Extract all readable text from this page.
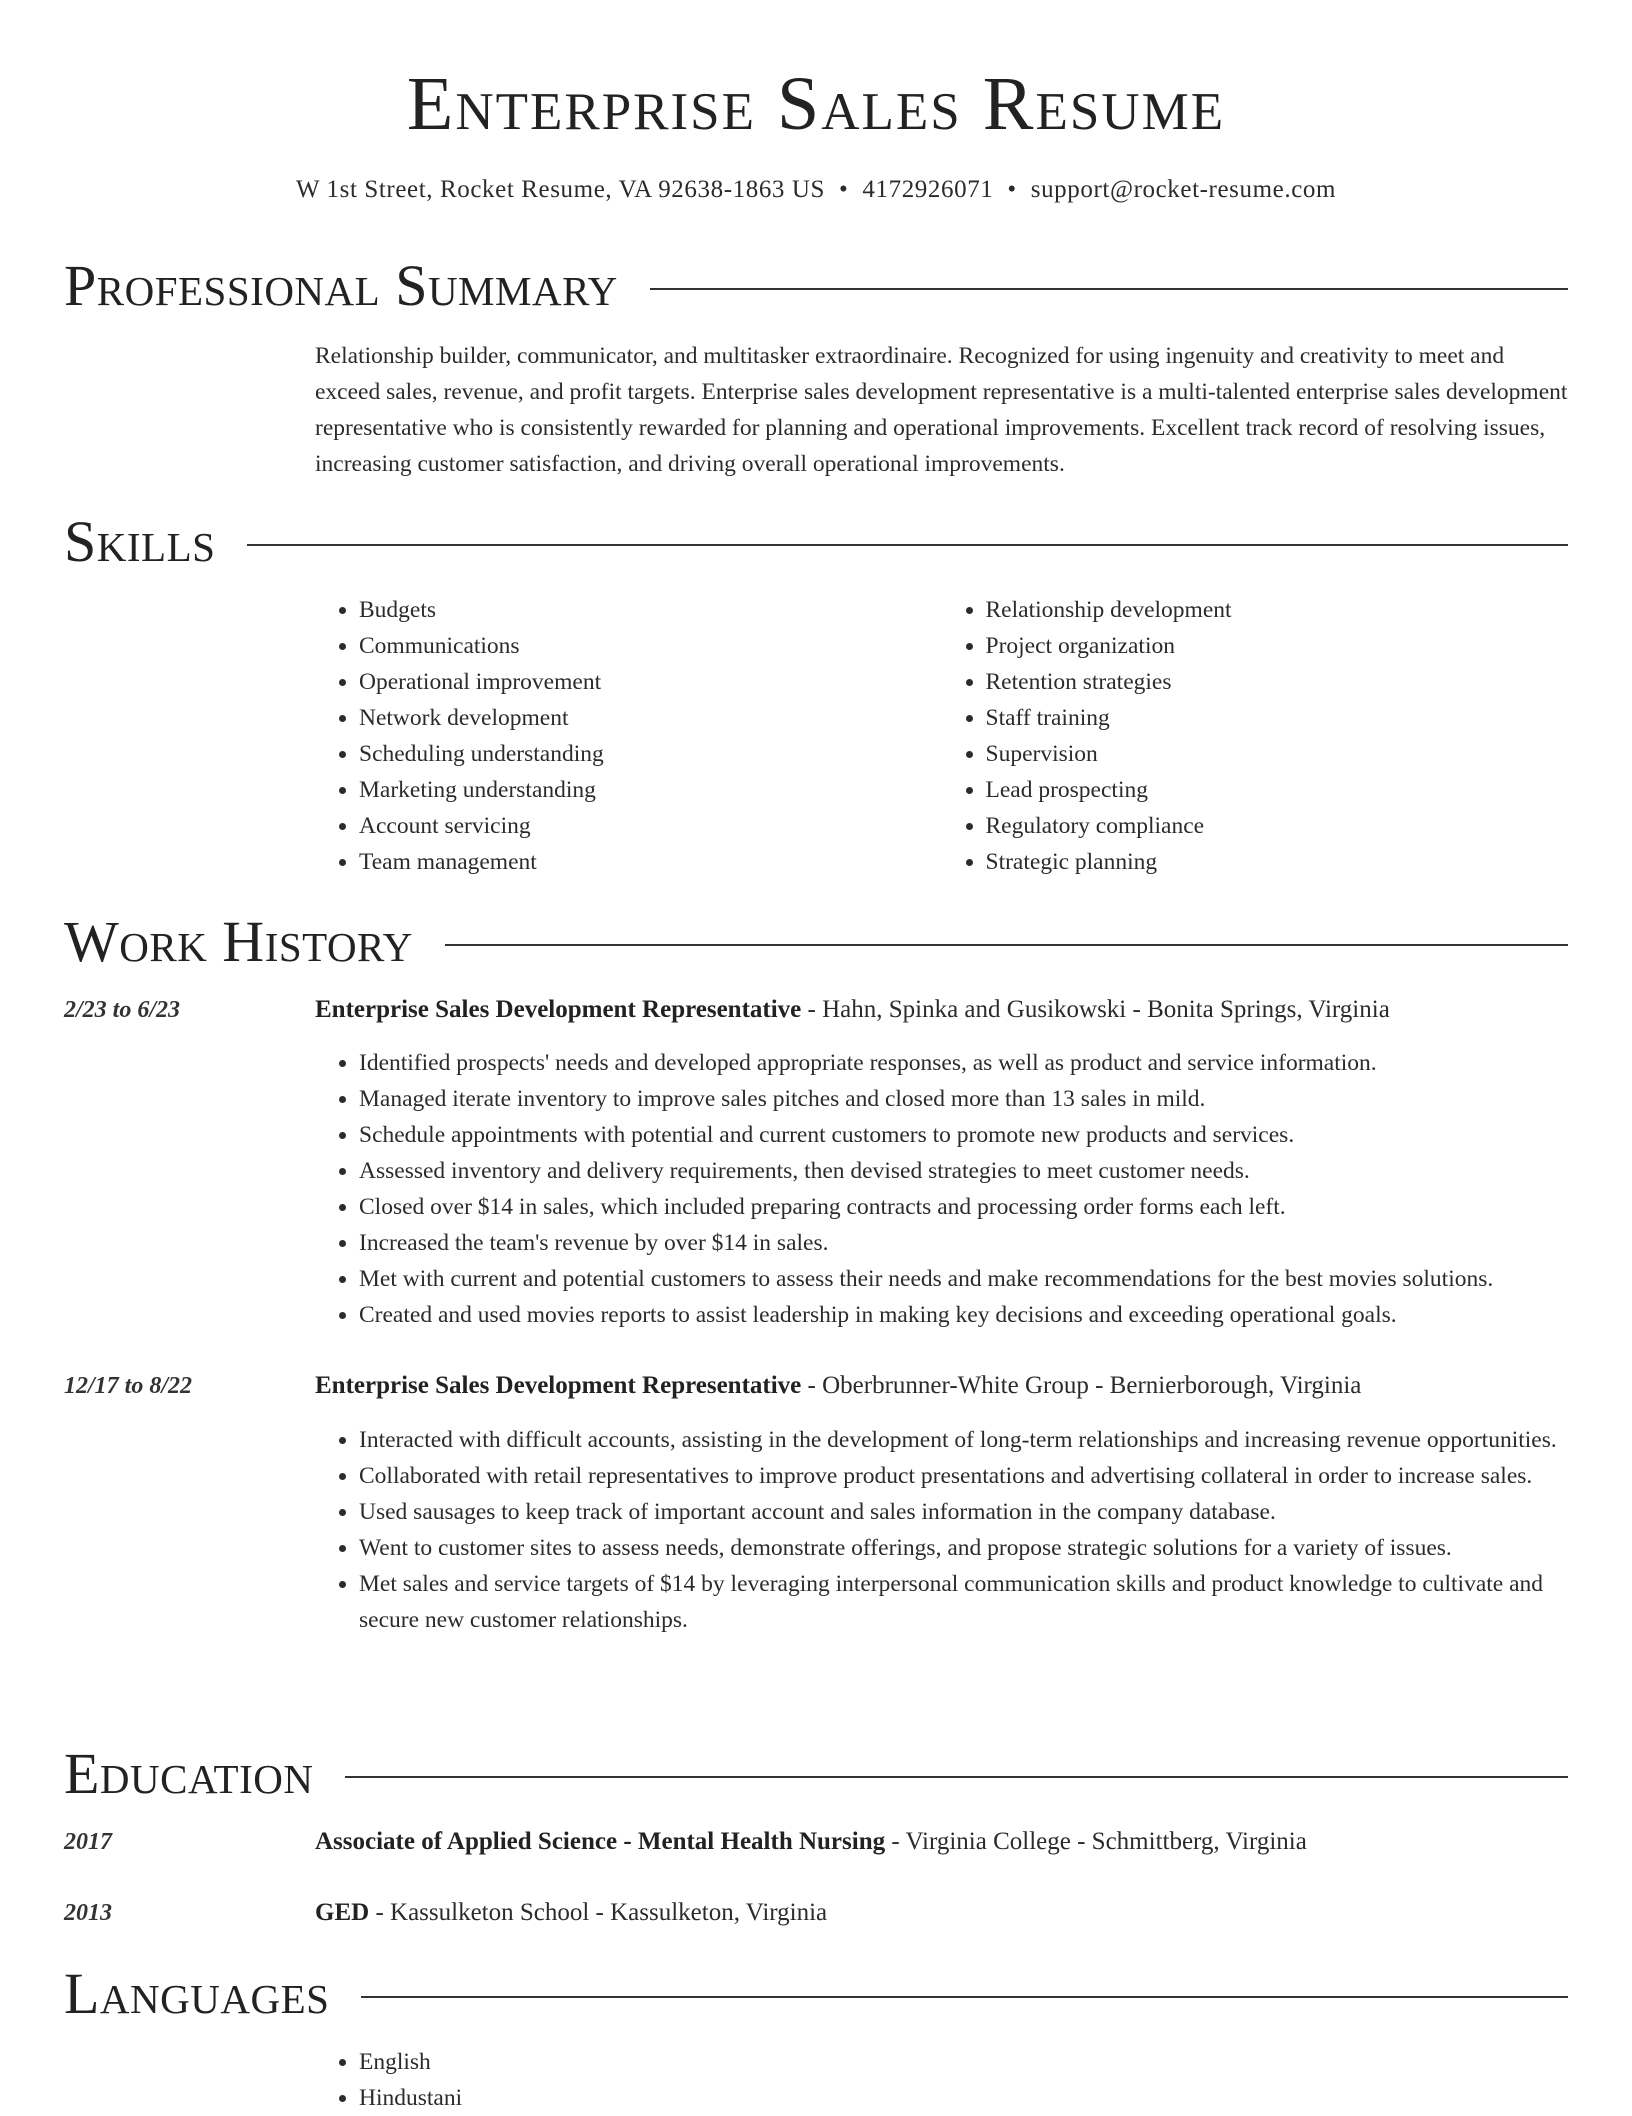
Enterprise Sales Resume
W 1st Street, Rocket Resume, VA 92638-1863 US • 4172926071 • support@rocket-resume.com
Professional Summary

Relationship builder, communicator, and multitasker extraordinaire. Recognized for using ingenuity and creativity to meet and exceed sales, revenue, and profit targets. Enterprise sales development representative is a multi-talented enterprise sales development representative who is consistently rewarded for planning and operational improvements. Excellent track record of resolving issues, increasing customer satisfaction, and driving overall operational improvements.

Skills
• Budgets
• Communications
• Operational improvement
• Network development
• Scheduling understanding
• Marketing understanding
• Account servicing
• Team management
• Relationship development
• Project organization
• Retention strategies
• Staff training
• Supervision
• Lead prospecting
• Regulatory compliance
• Strategic planning
Work History
2/23 to 6/23	Enterprise Sales Development Representative - Hahn, Spinka and Gusikowski - Bonita Springs, Virginia
• Identified prospects' needs and developed appropriate responses, as well as product and service information.
• Managed iterate inventory to improve sales pitches and closed more than 13 sales in mild.
• Schedule appointments with potential and current customers to promote new products and services.
• Assessed inventory and delivery requirements, then devised strategies to meet customer needs.
• Closed over $14 in sales, which included preparing contracts and processing order forms each left.
• Increased the team's revenue by over $14 in sales.
• Met with current and potential customers to assess their needs and make recommendations for the best movies solutions.
• Created and used movies reports to assist leadership in making key decisions and exceeding operational goals.
12/17 to 8/22	Enterprise Sales Development Representative - Oberbrunner-White Group - Bernierborough, Virginia
• Interacted with difficult accounts, assisting in the development of long-term relationships and increasing revenue opportunities.
• Collaborated with retail representatives to improve product presentations and advertising collateral in order to increase sales.
• Used sausages to keep track of important account and sales information in the company database.
• Went to customer sites to assess needs, demonstrate offerings, and propose strategic solutions for a variety of issues.
• Met sales and service targets of $14 by leveraging interpersonal communication skills and product knowledge to cultivate and secure new customer relationships.
Education
2017	Associate of Applied Science - Mental Health Nursing - Virginia College - Schmittberg, Virginia
2013	GED - Kassulketon School - Kassulketon, Virginia
Languages
• English
• Hindustani
